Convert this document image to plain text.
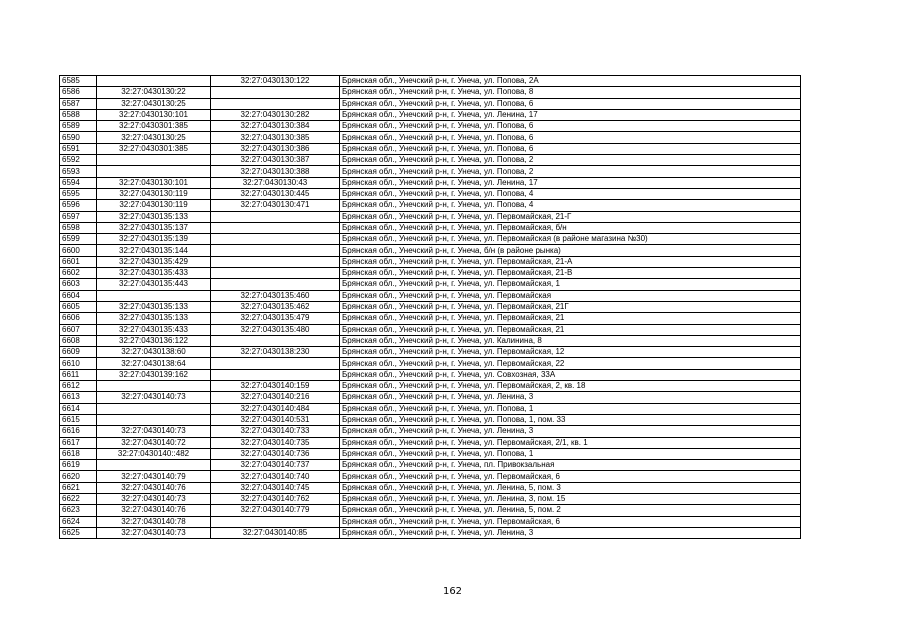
6585		32:27:0430130:122	Брянская обл., Унечский р-н, г. Унеча, ул. Попова, 2А
6586	32:27:0430130:22		Брянская обл., Унечский р-н, г. Унеча, ул. Попова, 8
6587	32:27:0430130:25		Брянская обл., Унечский р-н, г. Унеча, ул. Попова, 6
6588	32:27:0430130:101	32:27:0430130:282	Брянская обл., Унечский р-н, г. Унеча, ул. Ленина, 17
6589	32:27:0430301:385	32:27:0430130:384	Брянская обл., Унечский р-н, г. Унеча, ул. Попова, 6
6590	32:27:0430130:25	32:27:0430130:385	Брянская обл., Унечский р-н, г. Унеча, ул. Попова, 6
6591	32:27:0430301:385	32:27:0430130:386	Брянская обл., Унечский р-н, г. Унеча, ул. Попова, 6
6592		32:27:0430130:387	Брянская обл., Унечский р-н, г. Унеча, ул. Попова, 2
6593		32:27:0430130:388	Брянская обл., Унечский р-н, г. Унеча, ул. Попова, 2
6594	32:27:0430130:101	32:27:0430130:43	Брянская обл., Унечский р-н, г. Унеча, ул. Ленина, 17
6595	32:27:0430130:119	32:27:0430130:445	Брянская обл., Унечский р-н, г. Унеча, ул. Попова, 4
6596	32:27:0430130:119	32:27:0430130:471	Брянская обл., Унечский р-н, г. Унеча, ул. Попова, 4
6597	32:27:0430135:133		Брянская обл., Унечский р-н, г. Унеча, ул. Первомайская, 21-Г
6598	32:27:0430135:137		Брянская обл., Унечский р-н, г. Унеча, ул. Первомайская, б/н
6599	32:27:0430135:139		Брянская обл., Унечский р-н, г. Унеча, ул. Первомайская (в районе магазина №30)
6600	32:27:0430135:144		Брянская обл., Унечский р-н, г. Унеча, б/н (в районе рынка)
6601	32:27:0430135:429		Брянская обл., Унечский р-н, г. Унеча, ул. Первомайская, 21-А
6602	32:27:0430135:433		Брянская обл., Унечский р-н, г. Унеча, ул. Первомайская, 21-В
6603	32:27:0430135:443		Брянская обл., Унечский р-н, г. Унеча, ул. Первомайская, 1
6604		32:27:0430135:460	Брянская обл., Унечский р-н, г. Унеча, ул. Первомайская
6605	32:27:0430135:133	32:27:0430135:462	Брянская обл., Унечский р-н, г. Унеча, ул. Первомайская, 21Г
6606	32:27:0430135:133	32:27:0430135:479	Брянская обл., Унечский р-н, г. Унеча, ул. Первомайская, 21
6607	32:27:0430135:433	32:27:0430135:480	Брянская обл., Унечский р-н, г. Унеча, ул. Первомайская, 21
6608	32:27:0430136:122		Брянская обл., Унечский р-н, г. Унеча, ул. Калинина, 8
6609	32:27:0430138:60	32:27:0430138:230	Брянская обл., Унечский р-н, г. Унеча, ул. Первомайская, 12
6610	32:27:0430138:64		Брянская обл., Унечский р-н, г. Унеча, ул. Первомайская, 22
6611	32:27:0430139:162		Брянская обл., Унечский р-н, г. Унеча, ул. Совхозная, 33А
6612		32:27:0430140:159	Брянская обл., Унечский р-н, г. Унеча, ул. Первомайская, 2, кв. 18
6613	32:27:0430140:73	32:27:0430140:216	Брянская обл., Унечский р-н, г. Унеча, ул. Ленина, 3
6614		32:27:0430140:484	Брянская обл., Унечский р-н, г. Унеча, ул. Попова, 1
6615		32:27:0430140:531	Брянская обл., Унечский р-н, г. Унеча, ул. Попова, 1, пом. 33
6616	32:27:0430140:73	32:27:0430140:733	Брянская обл., Унечский р-н, г. Унеча, ул. Ленина, 3
6617	32:27:0430140:72	32:27:0430140:735	Брянская обл., Унечский р-н, г. Унеча, ул. Первомайская, 2/1, кв. 1
6618	32:27:0430140::482	32:27:0430140:736	Брянская обл., Унечский р-н, г. Унеча, ул. Попова, 1
6619		32:27:0430140:737	Брянская обл., Унечский р-н, г. Унеча, пл. Привокзальная
6620	32:27:0430140:79	32:27:0430140:740	Брянская обл., Унечский р-н, г. Унеча, ул. Первомайская, 6
6621	32:27:0430140:76	32:27:0430140:745	Брянская обл., Унечский р-н, г. Унеча, ул. Ленина, 5, пом. 3
6622	32:27:0430140:73	32:27:0430140:762	Брянская обл., Унечский р-н, г. Унеча, ул. Ленина, 3, пом. 15
6623	32:27:0430140:76	32:27:0430140:779	Брянская обл., Унечский р-н, г. Унеча, ул. Ленина, 5, пом. 2
6624	32:27:0430140:78		Брянская обл., Унечский р-н, г. Унеча, ул. Первомайская, 6
6625	32:27:0430140:73	32:27:0430140:85	Брянская обл., Унечский р-н, г. Унеча, ул. Ленина, 3
162
